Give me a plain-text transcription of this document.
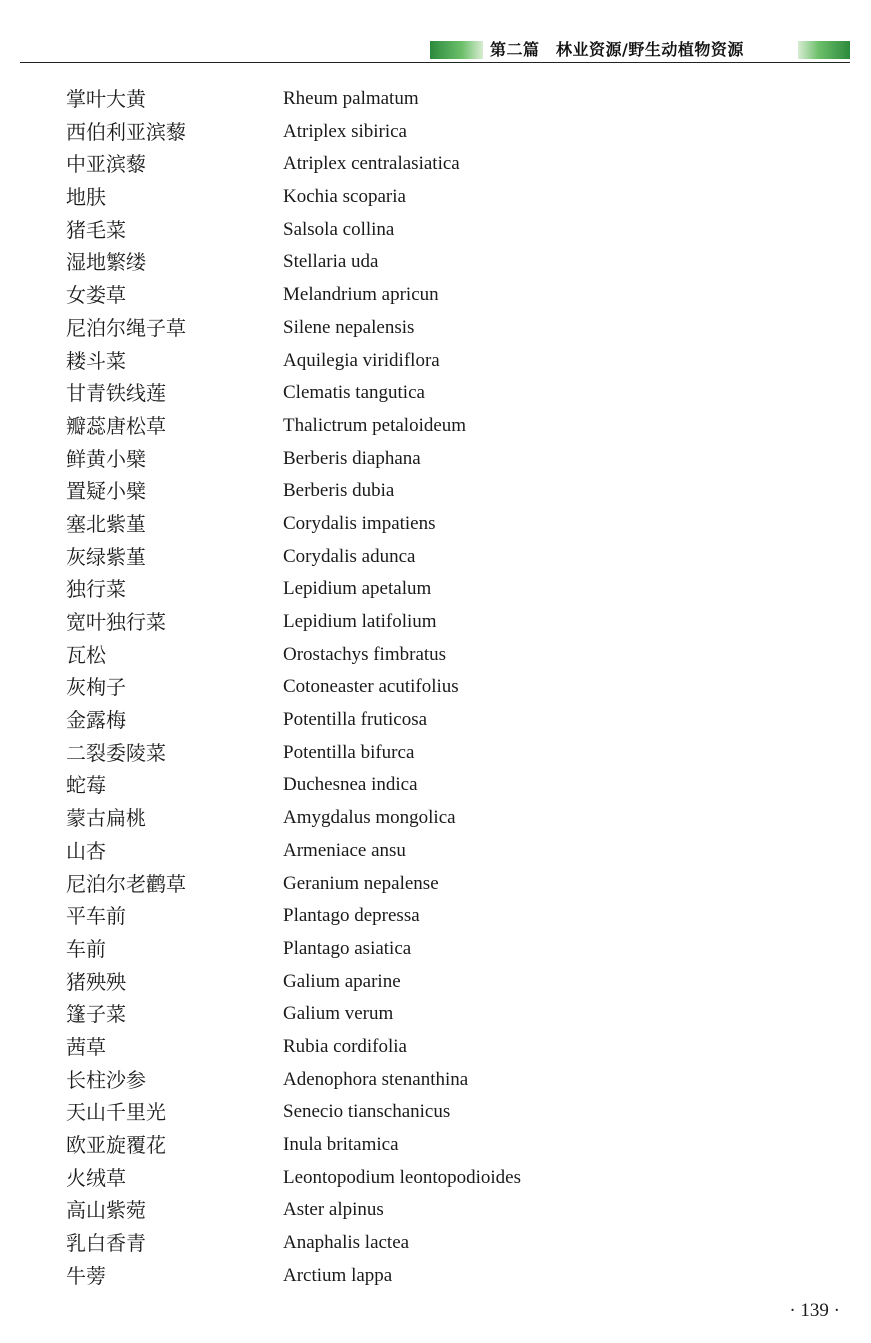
第二篇　林业资源/野生动植物资源
掌叶大黄	Rheum palmatum
西伯利亚滨藜	Atriplex sibirica
中亚滨藜	Atriplex centralasiatica
地肤	Kochia scoparia
猪毛菜	Salsola collina
湿地繁缕	Stellaria uda
女娄草	Melandrium apricun
尼泊尔绳子草	Silene nepalensis
耧斗菜	Aquilegia viridiflora
甘青铁线莲	Clematis tangutica
瓣蕊唐松草	Thalictrum petaloideum
鲜黄小檗	Berberis diaphana
置疑小檗	Berberis dubia
塞北紫堇	Corydalis impatiens
灰绿紫堇	Corydalis adunca
独行菜	Lepidium apetalum
宽叶独行菜	Lepidium latifolium
瓦松	Orostachys fimbratus
灰栒子	Cotoneaster acutifolius
金露梅	Potentilla fruticosa
二裂委陵菜	Potentilla bifurca
蛇莓	Duchesnea indica
蒙古扁桃	Amygdalus mongolica
山杏	Armeniace ansu
尼泊尔老鹳草	Geranium nepalense
平车前	Plantago depressa
车前	Plantago asiatica
猪殃殃	Galium aparine
篷子菜	Galium verum
茜草	Rubia cordifolia
长柱沙参	Adenophora stenanthina
天山千里光	Senecio tianschanicus
欧亚旋覆花	Inula britamica
火绒草	Leontopodium leontopodioides
高山紫菀	Aster alpinus
乳白香青	Anaphalis lactea
牛蒡	Arctium lappa
· 139 ·
